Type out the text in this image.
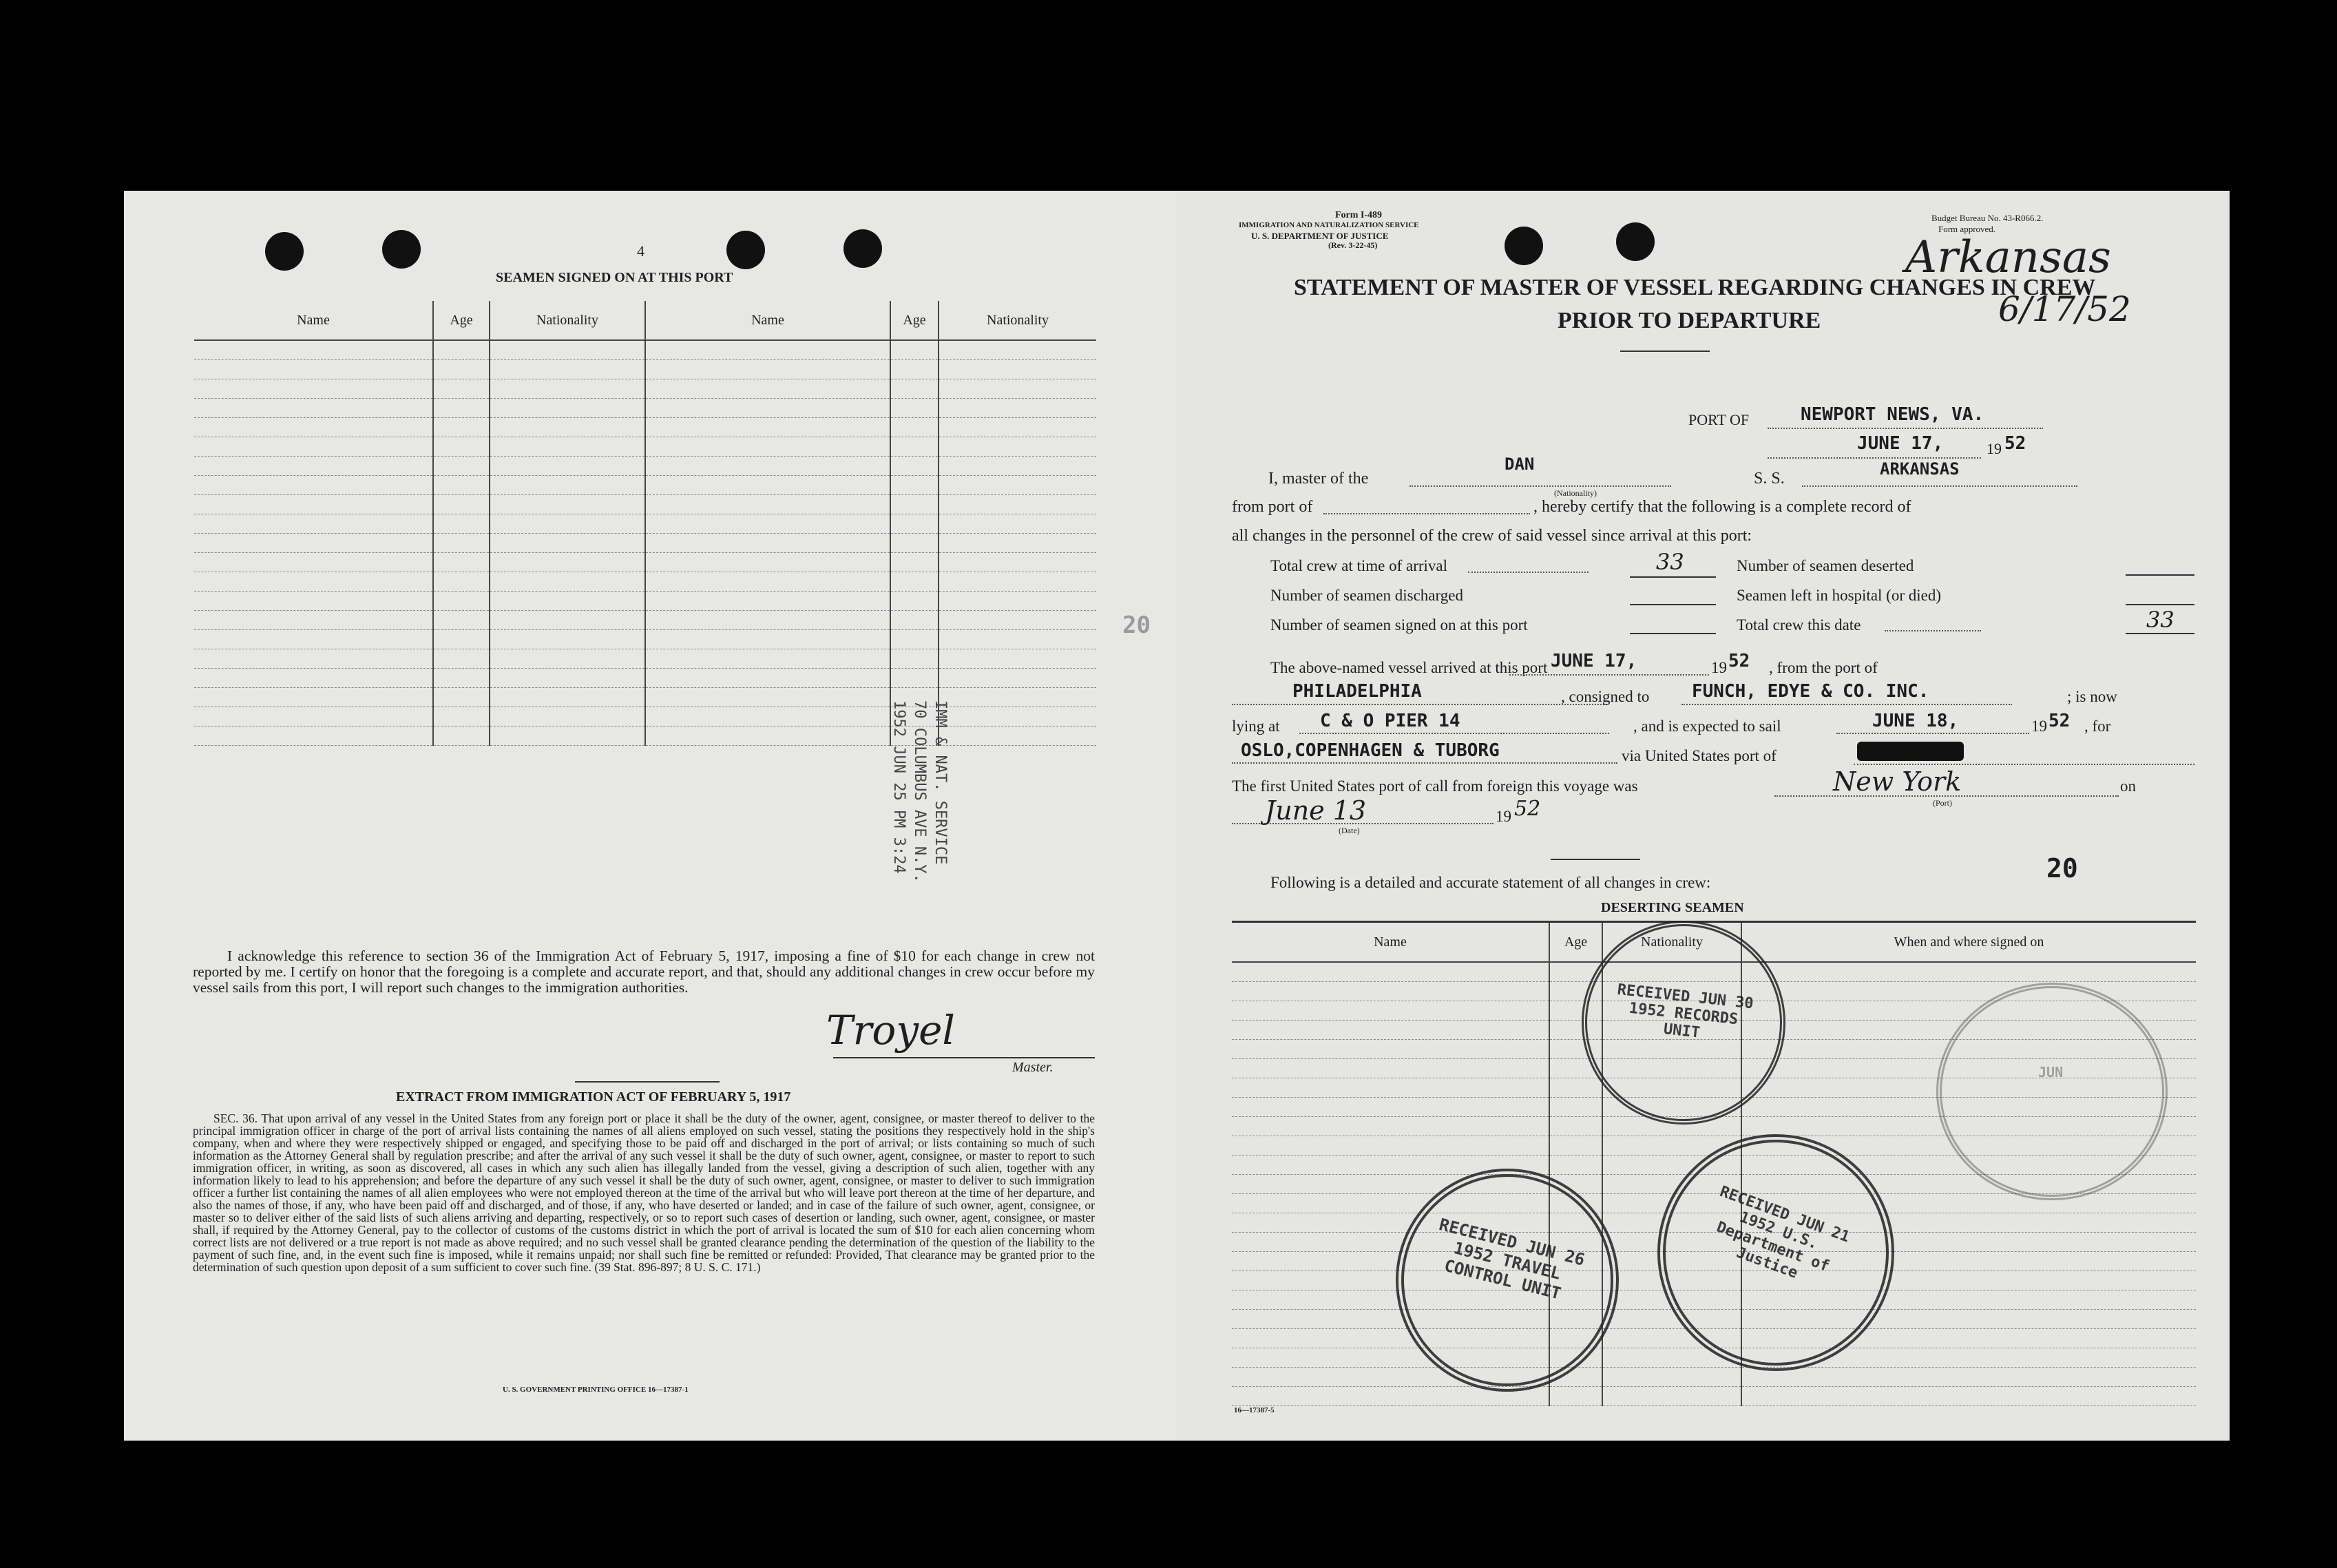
4
SEAMEN SIGNED ON AT THIS PORT
Name	Age	Nationality	Name	Age	Nationality

IMM & NAT. SERVICE
70 COLUMBUS AVE N.Y.
1952 JUN 25 PM 3:24
I acknowledge this reference to section 36 of the Immigration Act of February 5, 1917, imposing a fine of $10 for each change in crew not reported by me. I certify on honor that the foregoing is a complete and accurate report, and that, should any additional changes in crew occur before my vessel sails from this port, I will report such changes to the immigration authorities.
Troyel
Master.
EXTRACT FROM IMMIGRATION ACT OF FEBRUARY 5, 1917
SEC. 36. That upon arrival of any vessel in the United States from any foreign port or place it shall be the duty of the owner, agent, consignee, or master thereof to deliver to the principal immigration officer in charge of the port of arrival lists containing the names of all aliens employed on such vessel, stating the positions they respectively hold in the ship's company, when and where they were respectively shipped or engaged, and specifying those to be paid off and discharged in the port of arrival; or lists containing so much of such information as the Attorney General shall by regulation prescribe; and after the arrival of any such vessel it shall be the duty of such owner, agent, consignee, or master to report to such immigration officer, in writing, as soon as discovered, all cases in which any such alien has illegally landed from the vessel, giving a description of such alien, together with any information likely to lead to his apprehension; and before the departure of any such vessel it shall be the duty of such owner, agent, consignee, or master to deliver to such immigration officer a further list containing the names of all alien employees who were not employed thereon at the time of the arrival but who will leave port thereon at the time of her departure, and also the names of those, if any, who have been paid off and discharged, and of those, if any, who have deserted or landed; and in case of the failure of such owner, agent, consignee, or master so to deliver either of the said lists of such aliens arriving and departing, respectively, or so to report such cases of desertion or landing, such owner, agent, consignee, or master shall, if required by the Attorney General, pay to the collector of customs of the customs district in which the port of arrival is located the sum of $10 for each alien concerning whom correct lists are not delivered or a true report is not made as above required; and no such vessel shall be granted clearance pending the determination of the question of the liability to the payment of such fine, and, in the event such fine is imposed, while it remains unpaid; nor shall such fine be remitted or refunded: Provided, That clearance may be granted prior to the determination of such question upon deposit of a sum sufficient to cover such fine. (39 Stat. 896-897; 8 U. S. C. 171.)
U. S. GOVERNMENT PRINTING OFFICE 16—17387-1
20
Form I-489
IMMIGRATION AND NATURALIZATION SERVICE
U. S. DEPARTMENT OF JUSTICE
(Rev. 3-22-45)
Budget Bureau No. 43-R066.2.
Form approved.
Arkansas
6/17/52
STATEMENT OF MASTER OF VESSEL REGARDING CHANGES IN CREW
PRIOR TO DEPARTURE
PORT OF	NEWPORT NEWS, VA.
JUNE 17,	19 52
I, master of the
DAN
(Nationality)
S. S.	ARKANSAS
from port of	, hereby certify that the following is a complete record of
all changes in the personnel of the crew of said vessel since arrival at this port:
Total crew at time of arrival	33	Number of seamen deserted
Number of seamen discharged	Seamen left in hospital (or died)
Number of seamen signed on at this port	Total crew this date	33
The above-named vessel arrived at this port JUNE 17,	19 52 , from the port of
PHILADELPHIA	, consigned to FUNCH, EDYE & CO. INC.	; is now
lying at C & O PIER 14	, and is expected to sail	JUNE 18,	19 52 , for
OSLO,COPENHAGEN & TUBORG	via United States port of
The first United States port of call from foreign this voyage was	New York
(Port)
on
June 13
(Date)
19 52
20
Following is a detailed and accurate statement of all changes in crew:
DESERTING SEAMEN
Name	Age	Nationality	When and where signed on

RECEIVED JUN 30 1952 RECORDS UNIT
RECEIVED JUN 26 1952 TRAVEL CONTROL UNIT
RECEIVED JUN 21 1952 U.S. Department of Justice
JUN
16—17387-5
